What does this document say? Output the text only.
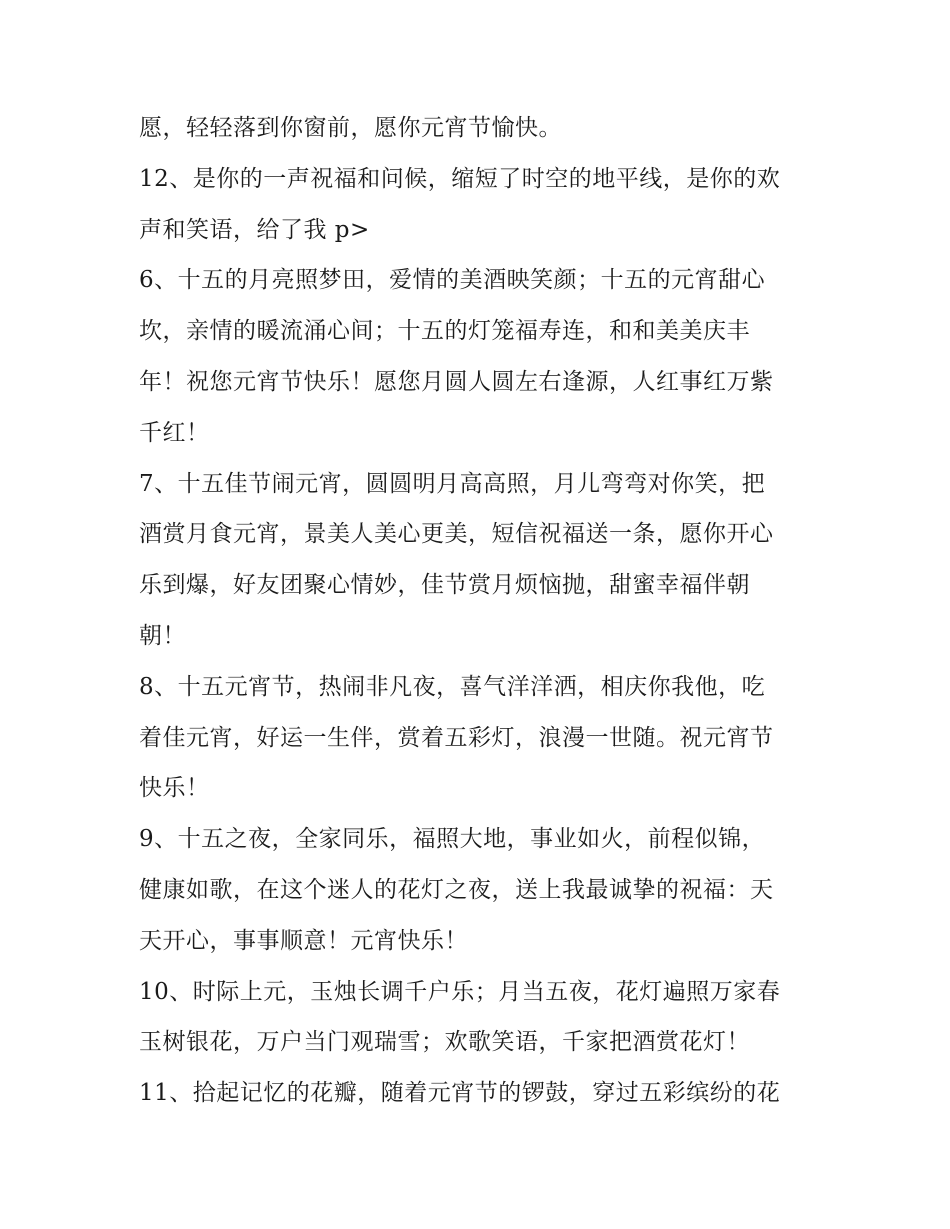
愿，轻轻落到你窗前，愿你元宵节愉快。
12、是你的一声祝福和问候，缩短了时空的地平线，是你的欢
声和笑语，给了我 p>
6、十五的月亮照梦田，爱情的美酒映笑颜；十五的元宵甜心
坎，亲情的暖流涌心间；十五的灯笼福寿连，和和美美庆丰
年！祝您元宵节快乐！愿您月圆人圆左右逢源，人红事红万紫
千红！
7、十五佳节闹元宵，圆圆明月高高照，月儿弯弯对你笑，把
酒赏月食元宵，景美人美心更美，短信祝福送一条，愿你开心
乐到爆，好友团聚心情妙，佳节赏月烦恼抛，甜蜜幸福伴朝
朝！
8、十五元宵节，热闹非凡夜，喜气洋洋洒，相庆你我他，吃
着佳元宵，好运一生伴，赏着五彩灯，浪漫一世随。祝元宵节
快乐！
9、十五之夜，全家同乐，福照大地，事业如火，前程似锦，
健康如歌，在这个迷人的花灯之夜，送上我最诚挚的祝福：天
天开心，事事顺意！元宵快乐！
10、时际上元，玉烛长调千户乐；月当五夜，花灯遍照万家春
玉树银花，万户当门观瑞雪；欢歌笑语，千家把酒赏花灯！
11、拾起记忆的花瓣，随着元宵节的锣鼓，穿过五彩缤纷的花
